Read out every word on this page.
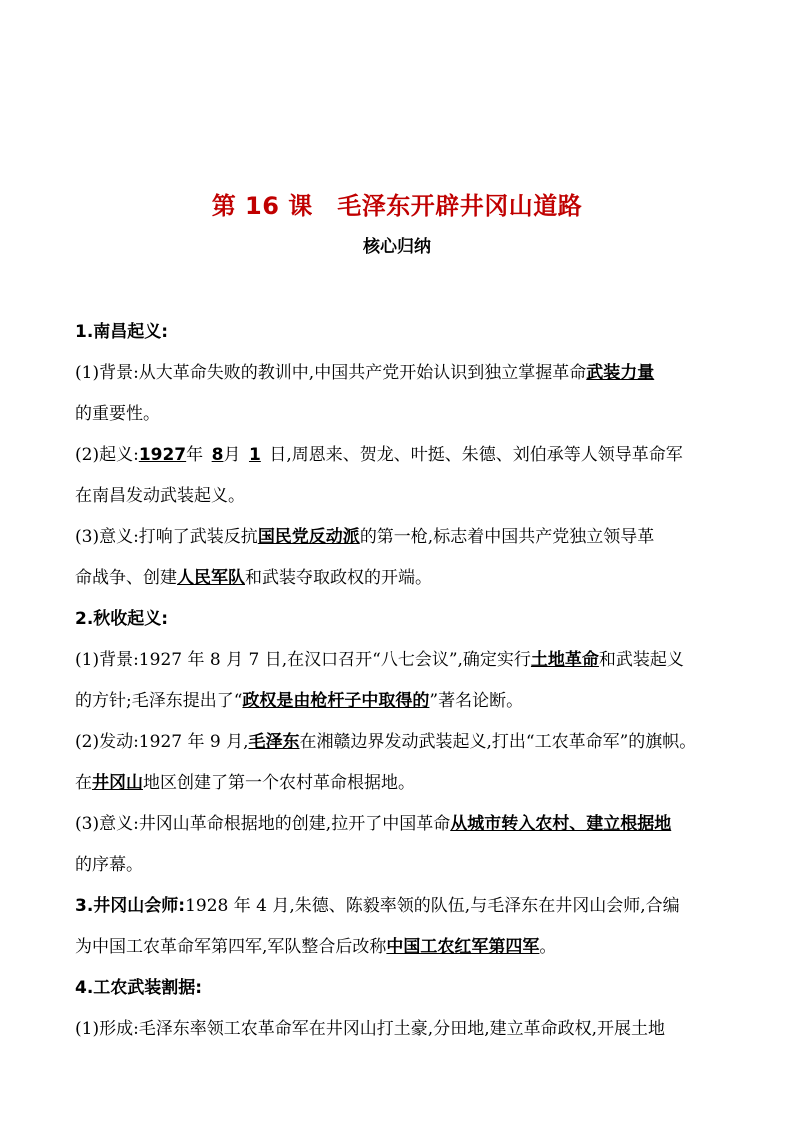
第 16 课　毛泽东开辟井冈山道路
核心归纳
1.南昌起义:
(1)背景:从大革命失败的教训中,中国共产党开始认识到独立掌握革命武装力量
的重要性。
(2)起义:1927年  8月  1  日,周恩来、贺龙、叶挺、朱德、刘伯承等人领导革命军
在南昌发动武装起义。
(3)意义:打响了武装反抗国民党反动派的第一枪,标志着中国共产党独立领导革
命战争、创建人民军队和武装夺取政权的开端。
2.秋收起义:
(1)背景:1927 年 8 月 7 日,在汉口召开“八七会议”,确定实行土地革命和武装起义
的方针;毛泽东提出了“政权是由枪杆子中取得的”著名论断。
(2)发动:1927 年 9 月,毛泽东在湘赣边界发动武装起义,打出“工农革命军”的旗帜。
在井冈山地区创建了第一个农村革命根据地。
(3)意义:井冈山革命根据地的创建,拉开了中国革命从城市转入农村、建立根据地
的序幕。
3.井冈山会师:1928 年 4 月,朱德、陈毅率领的队伍,与毛泽东在井冈山会师,合编
为中国工农革命军第四军,军队整合后改称中国工农红军第四军。
4.工农武装割据:
(1)形成:毛泽东率领工农革命军在井冈山打土豪,分田地,建立革命政权,开展土地
